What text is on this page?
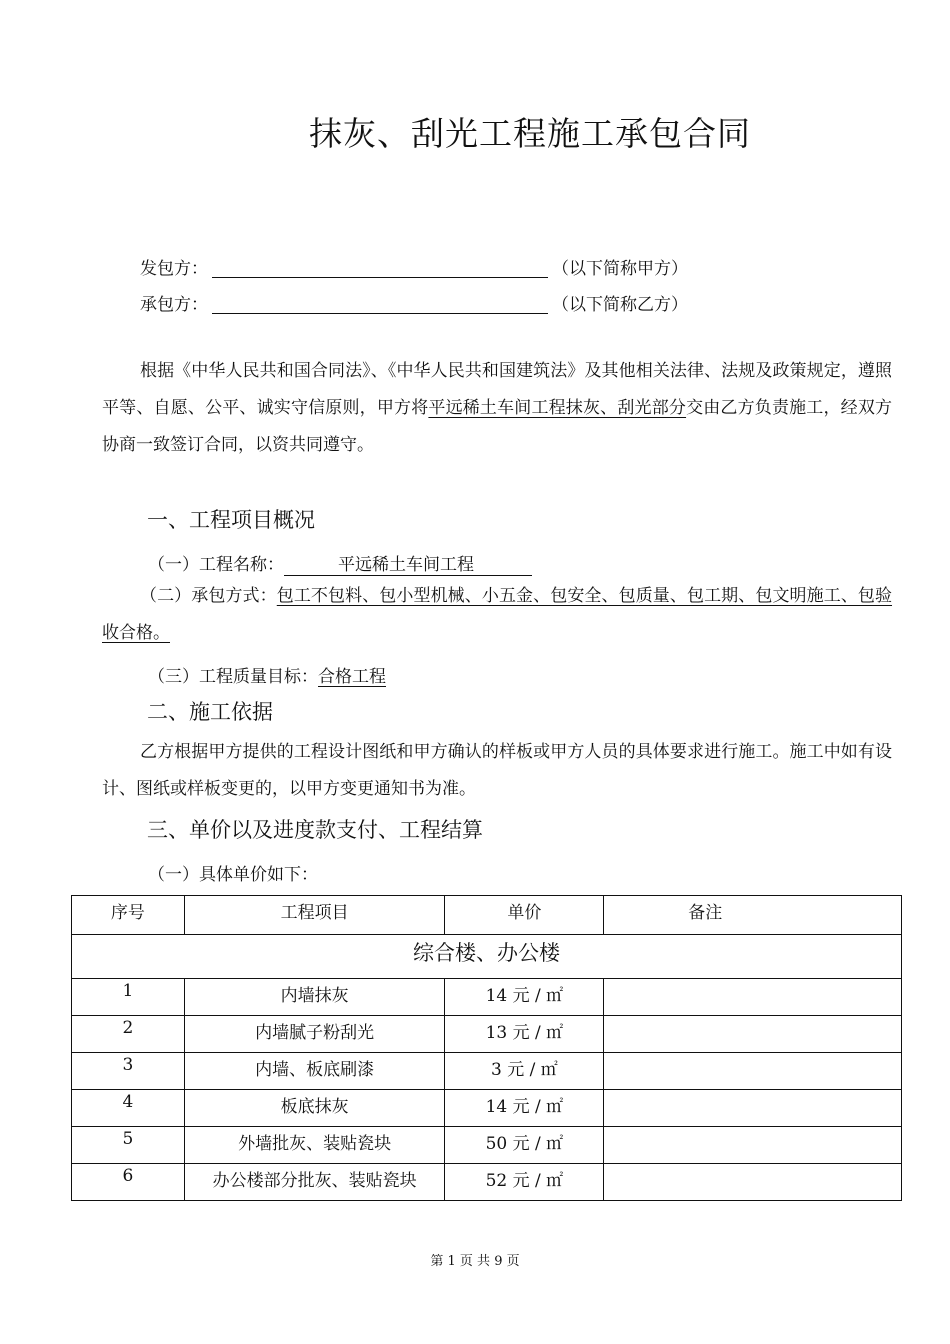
抹灰、刮光工程施工承包合同
发包方：	（以下简称甲方）
承包方：	（以下简称乙方）
根据《中华人民共和国合同法》、《中华人民共和国建筑法》及其他相关法律、法规及政策规定，遵照平等、自愿、公平、诚实守信原则，甲方将平远稀土车间工程抹灰、刮光部分交由乙方负责施工，经双方协商一致签订合同，以资共同遵守。
一、工程项目概况
（一）工程名称：	平远稀土车间工程
（二）承包方式：包工不包料、包小型机械、小五金、包安全、包质量、包工期、包文明施工、包验收合格。
（三）工程质量目标：合格工程
二、施工依据
乙方根据甲方提供的工程设计图纸和甲方确认的样板或甲方人员的具体要求进行施工。施工中如有设计、图纸或样板变更的，以甲方变更通知书为准。
三、单价以及进度款支付、工程结算
（一）具体单价如下：
序号	工程项目	单价	备注
综合楼、办公楼			
1	内墙抹灰	14 元 / ㎡	
2	内墙腻子粉刮光	13 元 / ㎡	
3	内墙、板底刷漆	3 元 / ㎡	
4	板底抹灰	14 元 / ㎡	
5	外墙批灰、装贴瓷块	50 元 / ㎡	
6	办公楼部分批灰、装贴瓷块	52 元 / ㎡	
第 1 页 共 9 页
